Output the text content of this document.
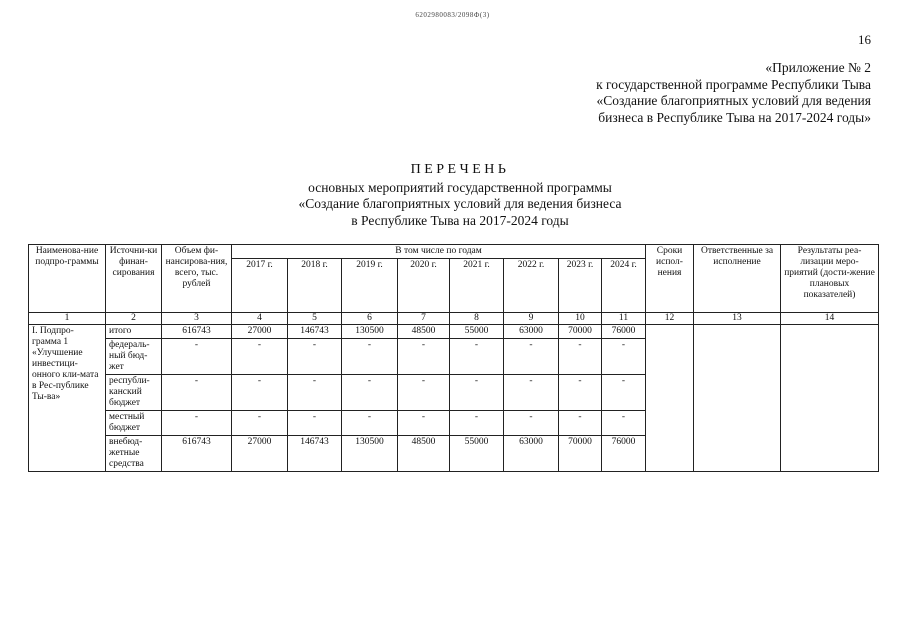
6202980083/2098Ф(3)
16
«Приложение № 2
к государственной программе Республики Тыва
«Создание благоприятных условий для ведения
бизнеса в Республике Тыва на 2017-2024 годы»
ПЕРЕЧЕНЬ
основных мероприятий государственной программы
«Создание благоприятных условий для ведения бизнеса
в Республике Тыва на 2017-2024 годы
Наименова-ние подпро-граммы	Источни-ки финан-сирования	Объем фи-нансирова-ния, всего, тыс. рублей	В том числе по годам								Сроки испол-нения	Ответственные за исполнение	Результаты реа-лизации меро-приятий (дости-жение плановых показателей)
			2017 г.	2018 г.	2019 г.	2020 г.	2021 г.	2022 г.	2023 г.	2024 г.			
1	2	3	4	5	6	7	8	9	10	11	12	13	14
I. Подпро-грамма 1 «Улучшение инвестици-онного кли-мата в Рес-публике Ты-ва»	итого	616743	27000	146743	130500	48500	55000	63000	70000	76000			
	федераль-ный бюд-жет	-	-	-	-	-	-	-	-	-			
	республи-канский бюджет	-	-	-	-	-	-	-	-	-			
	местный бюджет	-	-	-	-	-	-	-	-	-			
	внебюд-жетные средства	616743	27000	146743	130500	48500	55000	63000	70000	76000			
